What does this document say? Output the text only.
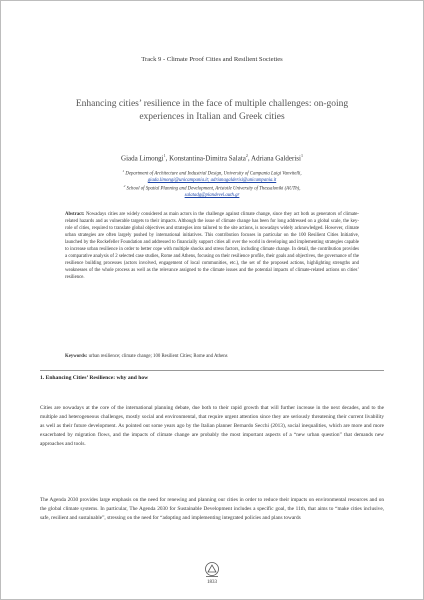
Track 9 - Climate Proof Cities and Resilient Societies
Enhancing cities’ resilience in the face of multiple challenges: on-going experiences in Italian and Greek cities
Giada Limongi$^1$, Konstantina-Dimitra Salata$^2$, Adriana Galderisi$^1$
$^1$ Department of Architecture and Industrial Design, University of Campania Luigi Vanvitelli,
giada.limongi@unicampania.it; adrianagalderisi@unicampania.it
$^2$ School of Spatial Planning and Development, Aristotle University of Thessaloniki (AUTh),
salatadg@plandevel.auth.gr
Abstract: Nowadays cities are widely considered as main actors in the challenge against climate change, since they act both as generators of climate-related hazards and as vulnerable targets to their impacts. Although the issue of climate change has been for long addressed on a global scale, the key-role of cities, required to translate global objectives and strategies into tailored to the site actions, is nowadays widely acknowledged. However, climate urban strategies are often largely pushed by international initiatives. This contribution focuses in particular on the 100 Resilient Cities Initiative, launched by the Rockefeller Foundation and addressed to financially support cities all over the world in developing and implementing strategies capable to increase urban resilience in order to better cope with multiple shocks and stress factors, including climate change. In detail, the contribution provides a comparative analysis of 2 selected case studies, Rome and Athens, focusing on their resilience profile, their goals and objectives, the governance of the resilience building processes (actors involved, engagement of local communities, etc.), the set of the proposed actions, highlighting strengths and weaknesses of the whole process as well as the relevance assigned to the climate issues and the potential impacts of climate-related actions on cities’ resilience.
Keywords: urban resilience; climate change; 100 Resilient Cities; Rome and Athens
1. Enhancing Cities’ Resilience: why and how
Cities are nowadays at the core of the international planning debate, due both to their rapid growth that will further increase in the next decades, and to the multiple and heterogeneous challenges, mostly social and environmental, that require urgent attention since they are seriously threatening their current livability as well as their future development. As pointed out some years ago by the Italian planner Bernardo Secchi (2013), social inequalities, which are more and more exacerbated by migration flows, and the impacts of climate change are probably the most important aspects of a “new urban question” that demands new approaches and tools.
The Agenda 2030 provides large emphasis on the need for renewing and planning our cities in order to reduce their impacts on environmental resources and on the global climate systems. In particular, The Agenda 2030 for Sustainable Development includes a specific goal, the 11th, that aims to “make cities inclusive, safe, resilient and sustainable”, stressing on the need for “adopting and implementing integrated policies and plans towards
1833
